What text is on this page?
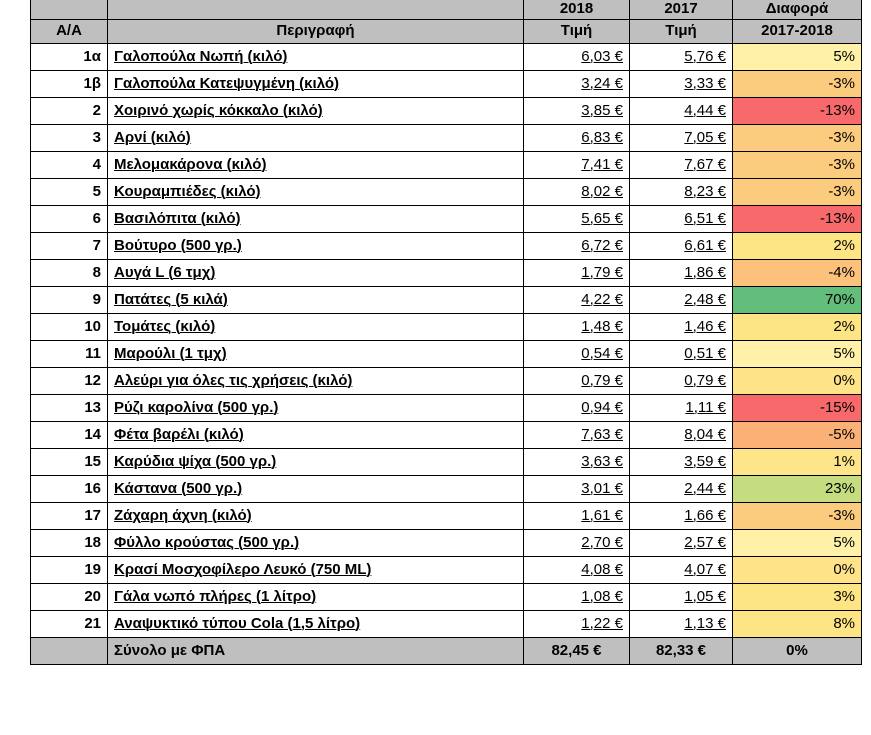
		2018	2017	Διαφορά
Α/Α	Περιγραφή	Τιμή	Τιμή	2017-2018
1α	Γαλοπούλα Νωπή (κιλό)	6,03 €	5,76 €	5%
1β	Γαλοπούλα Κατεψυγμένη (κιλό)	3,24 €	3,33 €	-3%
2	Χοιρινό χωρίς κόκκαλο (κιλό)	3,85 €	4,44 €	-13%
3	Αρνί (κιλό)	6,83 €	7,05 €	-3%
4	Μελομακάρονα (κιλό)	7,41 €	7,67 €	-3%
5	Κουραμπιέδες (κιλό)	8,02 €	8,23 €	-3%
6	Βασιλόπιτα (κιλό)	5,65 €	6,51 €	-13%
7	Βούτυρο (500 γρ.)	6,72 €	6,61 €	2%
8	Αυγά L (6 τμχ)	1,79 €	1,86 €	-4%
9	Πατάτες (5 κιλά)	4,22 €	2,48 €	70%
10	Τομάτες (κιλό)	1,48 €	1,46 €	2%
11	Μαρούλι (1 τμχ)	0,54 €	0,51 €	5%
12	Αλεύρι για όλες τις χρήσεις (κιλό)	0,79 €	0,79 €	0%
13	Ρύζι καρολίνα (500 γρ.)	0,94 €	1,11 €	-15%
14	Φέτα βαρέλι (κιλό)	7,63 €	8,04 €	-5%
15	Καρύδια ψίχα (500 γρ.)	3,63 €	3,59 €	1%
16	Κάστανα (500 γρ.)	3,01 €	2,44 €	23%
17	Ζάχαρη άχνη (κιλό)	1,61 €	1,66 €	-3%
18	Φύλλο κρούστας (500 γρ.)	2,70 €	2,57 €	5%
19	Κρασί Μοσχοφίλερο Λευκό (750 ML)	4,08 €	4,07 €	0%
20	Γάλα νωπό πλήρες (1 λίτρο)	1,08 €	1,05 €	3%
21	Αναψυκτικό τύπου Cola (1,5 λίτρο)	1,22 €	1,13 €	8%
	Σύνολο με ΦΠΑ	82,45 €	82,33 €	0%
